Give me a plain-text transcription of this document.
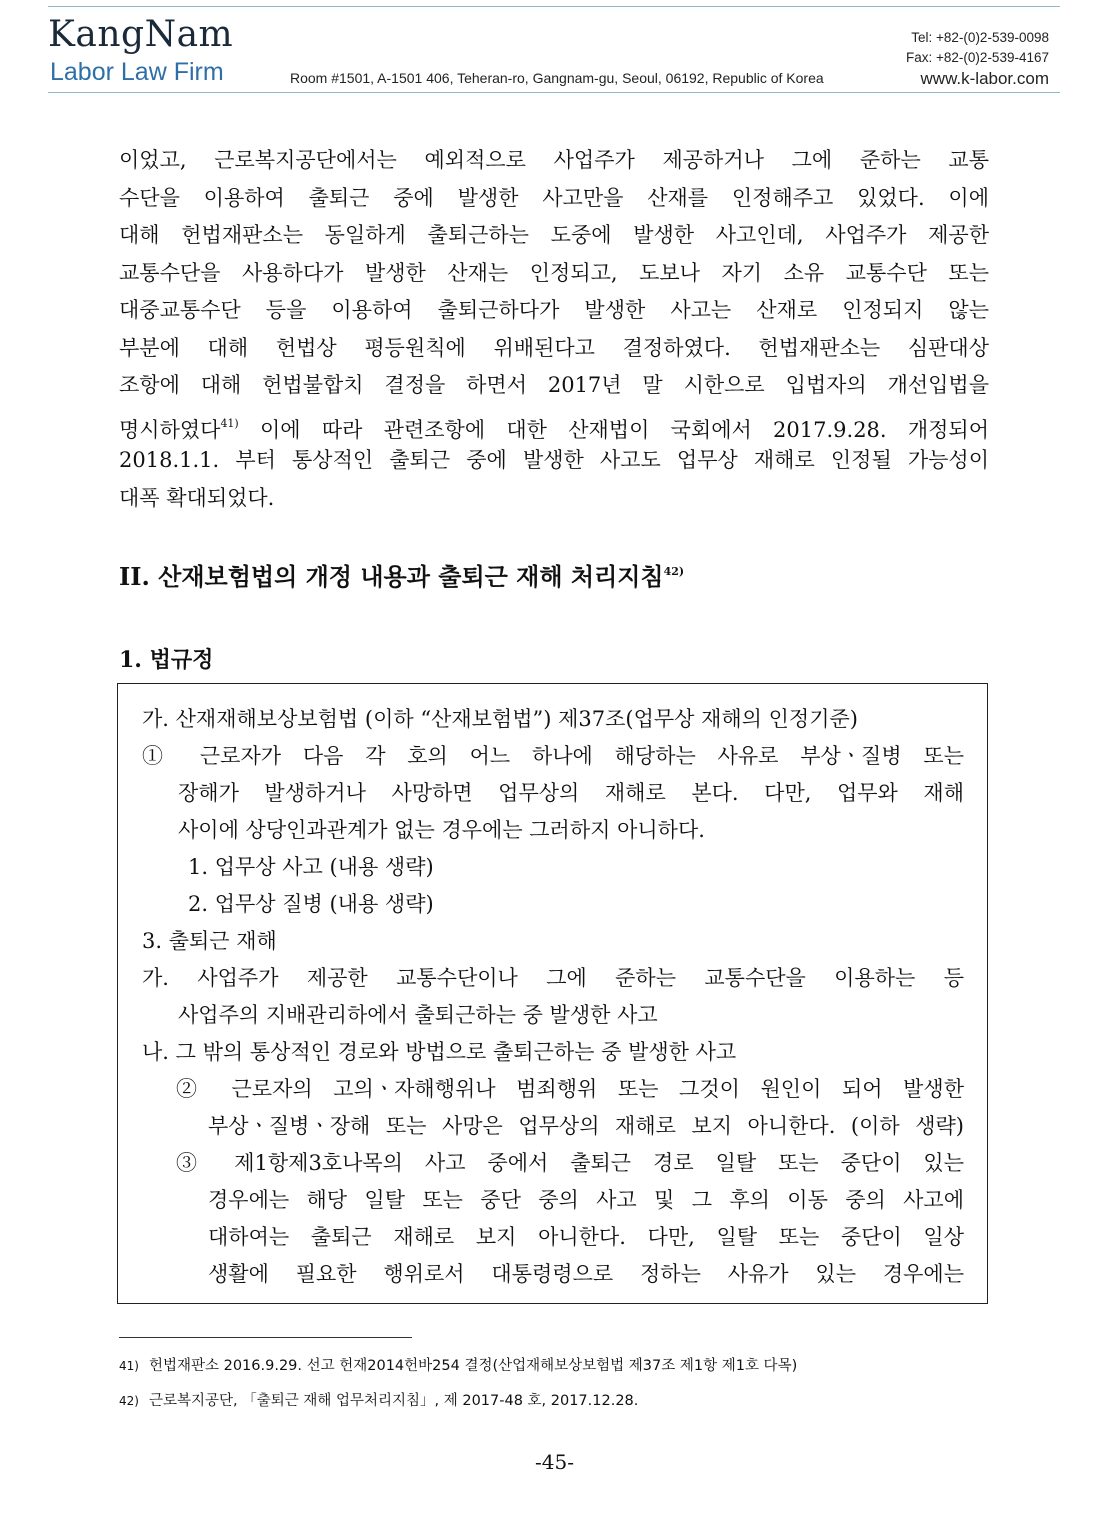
KangNam
Labor Law Firm	Room #1501, A-1501 406, Teheran-ro, Gangnam-gu, Seoul, 06192, Republic of Korea
Tel: +82-(0)2-539-0098
Fax: +82-(0)2-539-4167
www.k-labor.com
이었고, 근로복지공단에서는 예외적으로 사업주가 제공하거나 그에 준하는 교통
수단을 이용하여 출퇴근 중에 발생한 사고만을 산재를 인정해주고 있었다. 이에
대해 헌법재판소는 동일하게 출퇴근하는 도중에 발생한 사고인데, 사업주가 제공한
교통수단을 사용하다가 발생한 산재는 인정되고, 도보나 자기 소유 교통수단 또는
대중교통수단 등을 이용하여 출퇴근하다가 발생한 사고는 산재로 인정되지 않는
부분에 대해 헌법상 평등원칙에 위배된다고 결정하였다. 헌법재판소는 심판대상
조항에 대해 헌법불합치 결정을 하면서 2017년 말 시한으로 입법자의 개선입법을
명시하였다$^{41)}$ 이에 따라 관련조항에 대한 산재법이 국회에서 2017.9.28. 개정되어
2018.1.1. 부터 통상적인 출퇴근 중에 발생한 사고도 업무상 재해로 인정될 가능성이
대폭 확대되었다.
II. 산재보험법의 개정 내용과 출퇴근 재해 처리지침$^{42)}$
1. 법규정
가. 산재재해보상보험법 (이하 “산재보험법”) 제37조(업무상 재해의 인정기준)
① 근로자가 다음 각 호의 어느 하나에 해당하는 사유로 부상ㆍ질병 또는
장해가 발생하거나 사망하면 업무상의 재해로 본다. 다만, 업무와 재해
사이에 상당인과관계가 없는 경우에는 그러하지 아니하다.
1. 업무상 사고 (내용 생략)
2. 업무상 질병 (내용 생략)
3. 출퇴근 재해
가. 사업주가 제공한 교통수단이나 그에 준하는 교통수단을 이용하는 등
사업주의 지배관리하에서 출퇴근하는 중 발생한 사고
나. 그 밖의 통상적인 경로와 방법으로 출퇴근하는 중 발생한 사고
② 근로자의 고의ㆍ자해행위나 범죄행위 또는 그것이 원인이 되어 발생한
부상ㆍ질병ㆍ장해 또는 사망은 업무상의 재해로 보지 아니한다. (이하 생략)
③ 제1항제3호나목의 사고 중에서 출퇴근 경로 일탈 또는 중단이 있는
경우에는 해당 일탈 또는 중단 중의 사고 및 그 후의 이동 중의 사고에
대하여는 출퇴근 재해로 보지 아니한다. 다만, 일탈 또는 중단이 일상
생활에 필요한 행위로서 대통령령으로 정하는 사유가 있는 경우에는
41) 헌법재판소 2016.9.29. 선고 헌재2014헌바254 결정(산업재해보상보험법 제37조 제1항 제1호 다목)
42) 근로복지공단, 「출퇴근 재해 업무처리지침」, 제 2017-48 호, 2017.12.28.
-45-
